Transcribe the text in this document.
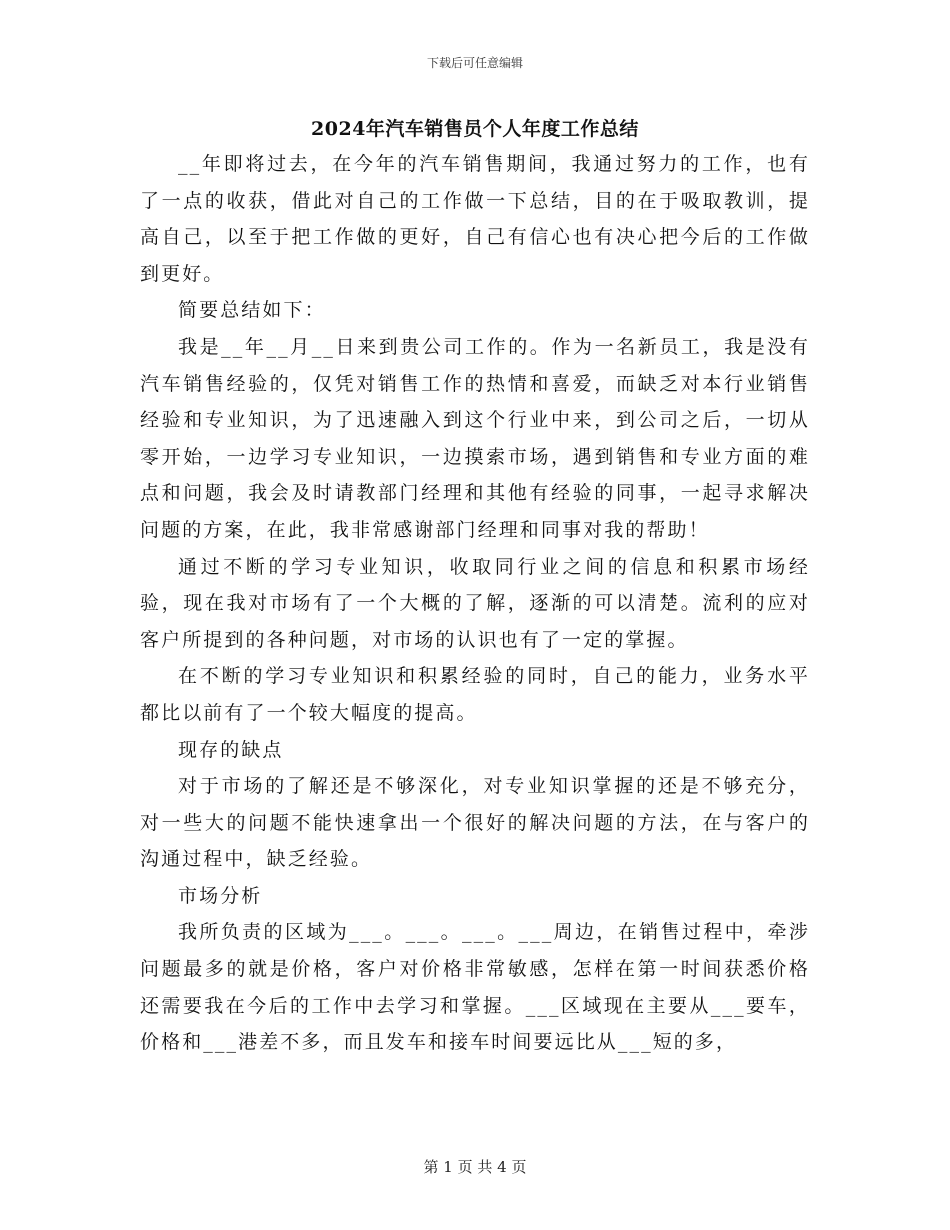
下载后可任意编辑
2024年汽车销售员个人年度工作总结

__年即将过去，在今年的汽车销售期间，我通过努力的工作，也有了一点的收获，借此对自己的工作做一下总结，目的在于吸取教训，提高自己，以至于把工作做的更好，自己有信心也有决心把今后的工作做到更好。

简要总结如下：

我是__年__月__日来到贵公司工作的。作为一名新员工，我是没有汽车销售经验的，仅凭对销售工作的热情和喜爱，而缺乏对本行业销售经验和专业知识，为了迅速融入到这个行业中来，到公司之后，一切从零开始，一边学习专业知识，一边摸索市场，遇到销售和专业方面的难点和问题，我会及时请教部门经理和其他有经验的同事，一起寻求解决问题的方案，在此，我非常感谢部门经理和同事对我的帮助！

通过不断的学习专业知识，收取同行业之间的信息和积累市场经验，现在我对市场有了一个大概的了解，逐渐的可以清楚。流利的应对客户所提到的各种问题，对市场的认识也有了一定的掌握。

在不断的学习专业知识和积累经验的同时，自己的能力，业务水平都比以前有了一个较大幅度的提高。

现存的缺点

对于市场的了解还是不够深化，对专业知识掌握的还是不够充分，对一些大的问题不能快速拿出一个很好的解决问题的方法，在与客户的沟通过程中，缺乏经验。

市场分析

我所负责的区域为___。___。___。___周边，在销售过程中，牵涉问题最多的就是价格，客户对价格非常敏感，怎样在第一时间获悉价格还需要我在今后的工作中去学习和掌握。___区域现在主要从___要车，价格和___港差不多，而且发车和接车时间要远比从___短的多，

第 1 页 共 4 页
